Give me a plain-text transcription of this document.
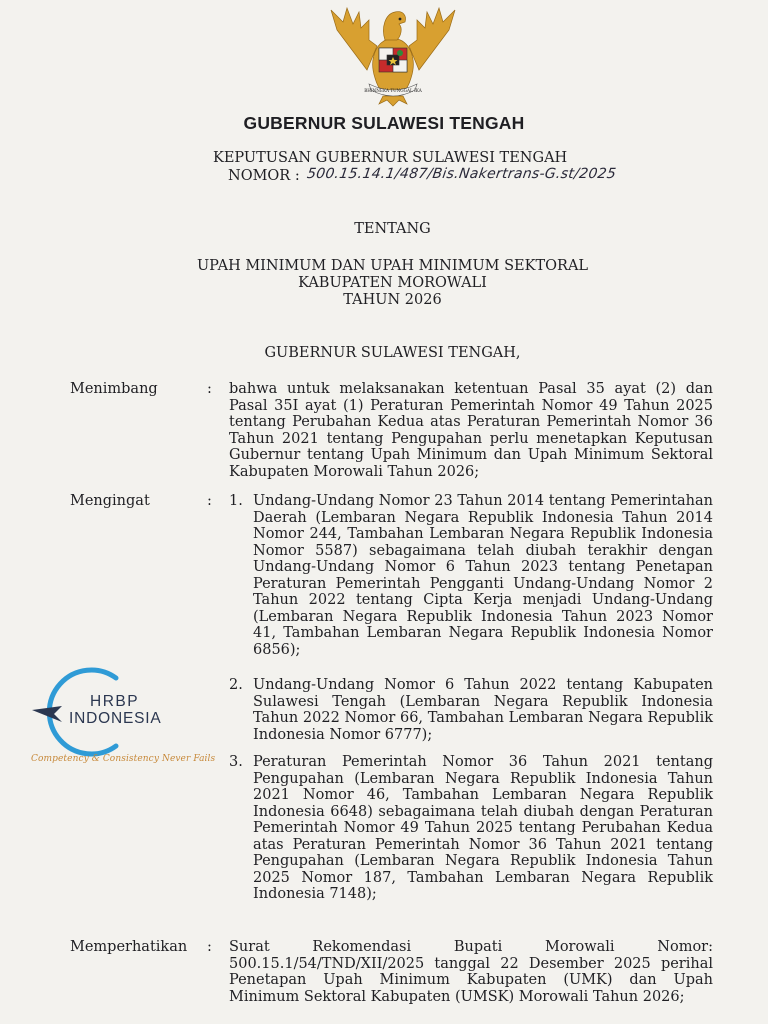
BHINNEKA TUNGGAL IKA
GUBERNUR SULAWESI TENGAH
KEPUTUSAN GUBERNUR SULAWESI TENGAH
NOMOR : 500.15.14.1/487/Bis.Nakertrans-G.st/2025
TENTANG
UPAH MINIMUM DAN UPAH MINIMUM SEKTORAL
KABUPATEN MOROWALI
TAHUN 2026
GUBERNUR SULAWESI TENGAH,
Menimbang	: bahwa untuk melaksanakan ketentuan Pasal 35 ayat (2) dan Pasal 35I ayat (1) Peraturan Pemerintah Nomor 49 Tahun 2025 tentang Perubahan Kedua atas Peraturan Pemerintah Nomor 36 Tahun 2021 tentang Pengupahan perlu menetapkan Keputusan Gubernur tentang Upah Minimum dan Upah Minimum Sektoral Kabupaten Morowali Tahun 2026;
Mengingat	: 1. Undang-Undang Nomor 23 Tahun 2014 tentang Pemerintahan Daerah (Lembaran Negara Republik Indonesia Tahun 2014 Nomor 244, Tambahan Lembaran Negara Republik Indonesia Nomor 5587) sebagaimana telah diubah terakhir dengan Undang-Undang Nomor 6 Tahun 2023 tentang Penetapan Peraturan Pemerintah Pengganti Undang-Undang Nomor 2 Tahun 2022 tentang Cipta Kerja menjadi Undang-Undang (Lembaran Negara Republik Indonesia Tahun 2023 Nomor 41, Tambahan Lembaran Negara Republik Indonesia Nomor 6856);
2. Undang-Undang Nomor 6 Tahun 2022 tentang Kabupaten Sulawesi Tengah (Lembaran Negara Republik Indonesia Tahun 2022 Nomor 66, Tambahan Lembaran Negara Republik Indonesia Nomor 6777);
3. Peraturan Pemerintah Nomor 36 Tahun 2021 tentang Pengupahan (Lembaran Negara Republik Indonesia Tahun 2021 Nomor 46, Tambahan Lembaran Negara Republik Indonesia 6648) sebagaimana telah diubah dengan Peraturan Pemerintah Nomor 49 Tahun 2025 tentang Perubahan Kedua atas Peraturan Pemerintah Nomor 36 Tahun 2021 tentang Pengupahan (Lembaran Negara Republik Indonesia Tahun 2025 Nomor 187, Tambahan Lembaran Negara Republik Indonesia 7148);
HRBP
INDONESIA
Competency & Consistency Never Fails
Memperhatikan : Surat Rekomendasi Bupati Morowali Nomor: 500.15.1/54/TND/XII/2025 tanggal 22 Desember 2025 perihal Penetapan Upah Minimum Kabupaten (UMK) dan Upah Minimum Sektoral Kabupaten (UMSK) Morowali Tahun 2026;
